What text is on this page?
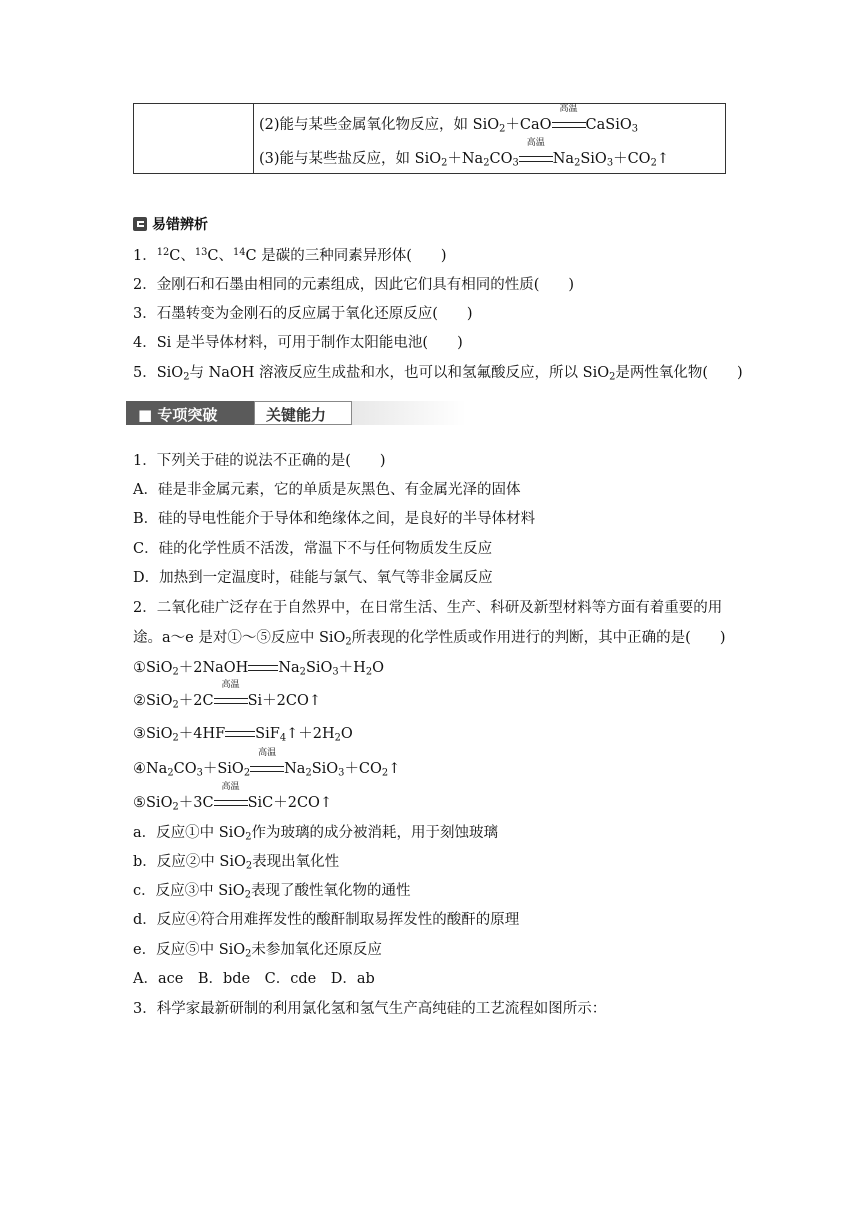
(2)能与某些金属氧化物反应，如 SiO$_2$＋CaO
高温
CaSiO$_3$
(3)能与某些盐反应，如 $SiO_2+Na_2CO_3$
高温
$Na_2SiO_3+CO_2↑$
易错辨析
1．$^{12}$C、$^{13}$C、$^{14}$C 是碳的三种同素异形体(　　)
2．金刚石和石墨由相同的元素组成，因此它们具有相同的性质(　　)
3．石墨转变为金刚石的反应属于氧化还原反应(　　)
4．Si 是半导体材料，可用于制作太阳能电池(　　)
5．SiO$_2$与 NaOH 溶液反应生成盐和水，也可以和氢氟酸反应，所以 SiO$_2$是两性氧化物(　　)
■ 专项突破	关键能力
1．下列关于硅的说法不正确的是(　　)
A．硅是非金属元素，它的单质是灰黑色、有金属光泽的固体
B．硅的导电性能介于导体和绝缘体之间，是良好的半导体材料
C．硅的化学性质不活泼，常温下不与任何物质发生反应
D．加热到一定温度时，硅能与氯气、氧气等非金属反应
2．二氧化硅广泛存在于自然界中，在日常生活、生产、科研及新型材料等方面有着重要的用
途。a～e 是对①～⑤反应中 SiO$_2$所表现的化学性质或作用进行的判断，其中正确的是(　　)
①SiO$_2$＋2NaOH $Na_2SiO_3+H_2O$
②SiO$_2$＋2C
高温
Si＋2CO↑
③SiO$_2$＋4HF $SiF_4↑+2H_2O$
$④Na_2CO_3+SiO_2$
高温
$Na_2SiO_3+CO_2↑$
⑤SiO$_2$＋3C
高温
SiC＋2CO↑
a．反应①中 SiO$_2$作为玻璃的成分被消耗，用于刻蚀玻璃
b．反应②中 SiO$_2$表现出氧化性
c．反应③中 SiO$_2$表现了酸性氧化物的通性
d．反应④符合用难挥发性的酸酐制取易挥发性的酸酐的原理
e．反应⑤中 SiO$_2$未参加氧化还原反应
A．ace　B．bde　C．cde　D．ab
3．科学家最新研制的利用氯化氢和氢气生产高纯硅的工艺流程如图所示：
